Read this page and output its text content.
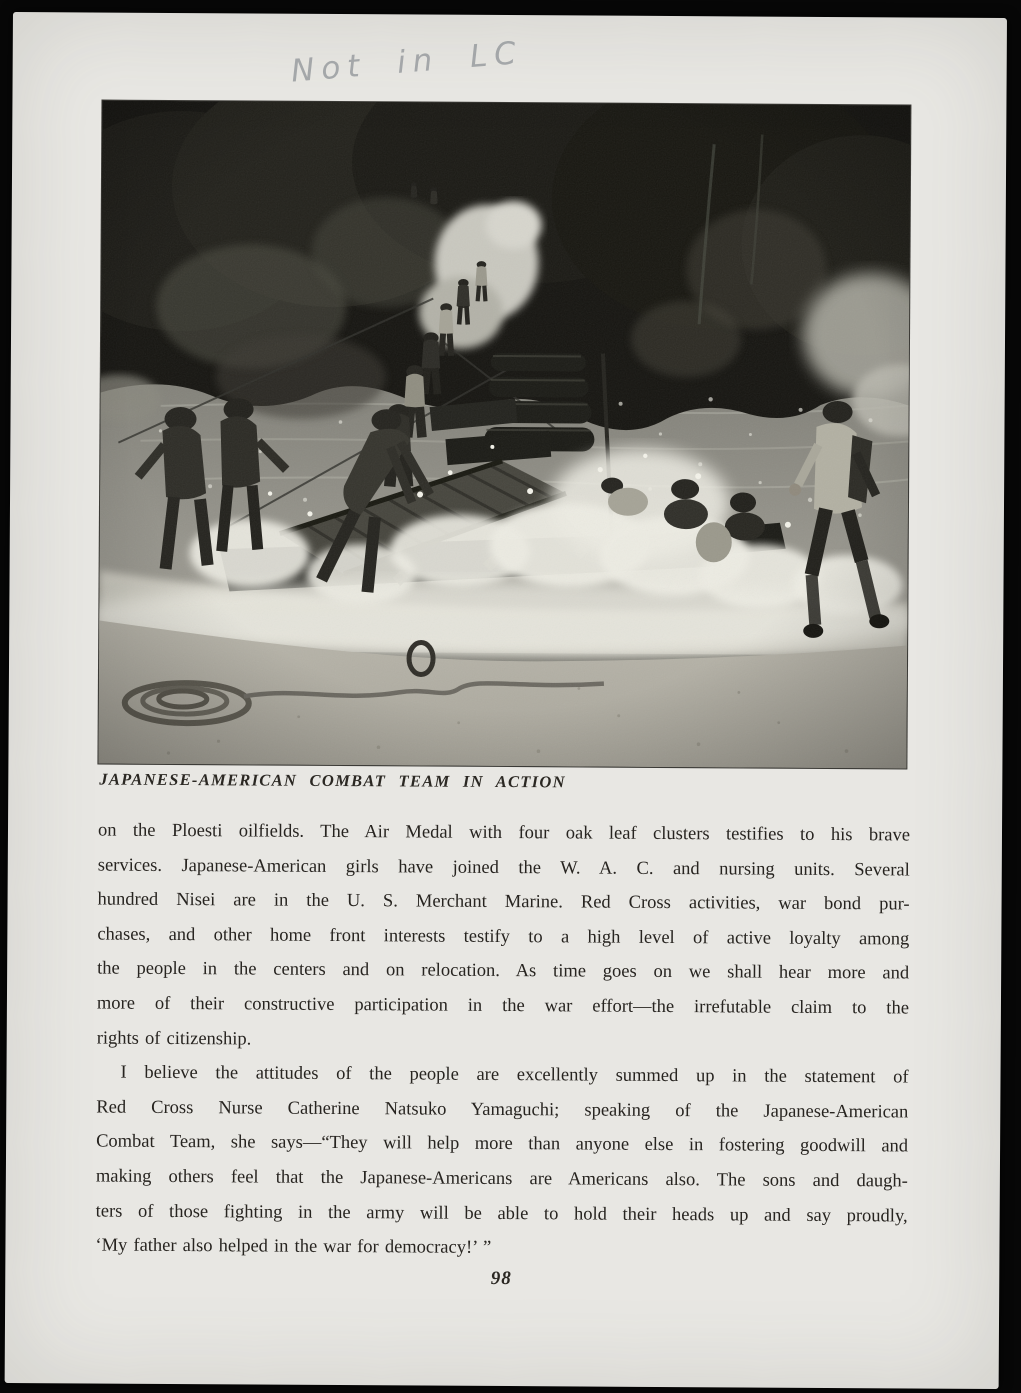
Not in LC
JAPANESE-AMERICAN COMBAT TEAM IN ACTION
on the Ploesti oilfields. The Air Medal with four oak leaf clusters testifies to his brave
services. Japanese-American girls have joined the W. A. C. and nursing units. Several
hundred Nisei are in the U. S. Merchant Marine. Red Cross activities, war bond pur-
chases, and other home front interests testify to a high level of active loyalty among
the people in the centers and on relocation. As time goes on we shall hear more and
more of their constructive participation in the war effort—the irrefutable claim to the
rights of citizenship.
I believe the attitudes of the people are excellently summed up in the statement of
Red Cross Nurse Catherine Natsuko Yamaguchi; speaking of the Japanese-American
Combat Team, she says—“They will help more than anyone else in fostering goodwill and
making others feel that the Japanese-Americans are Americans also. The sons and daugh-
ters of those fighting in the army will be able to hold their heads up and say proudly,
‘My father also helped in the war for democracy!’ ”
98
